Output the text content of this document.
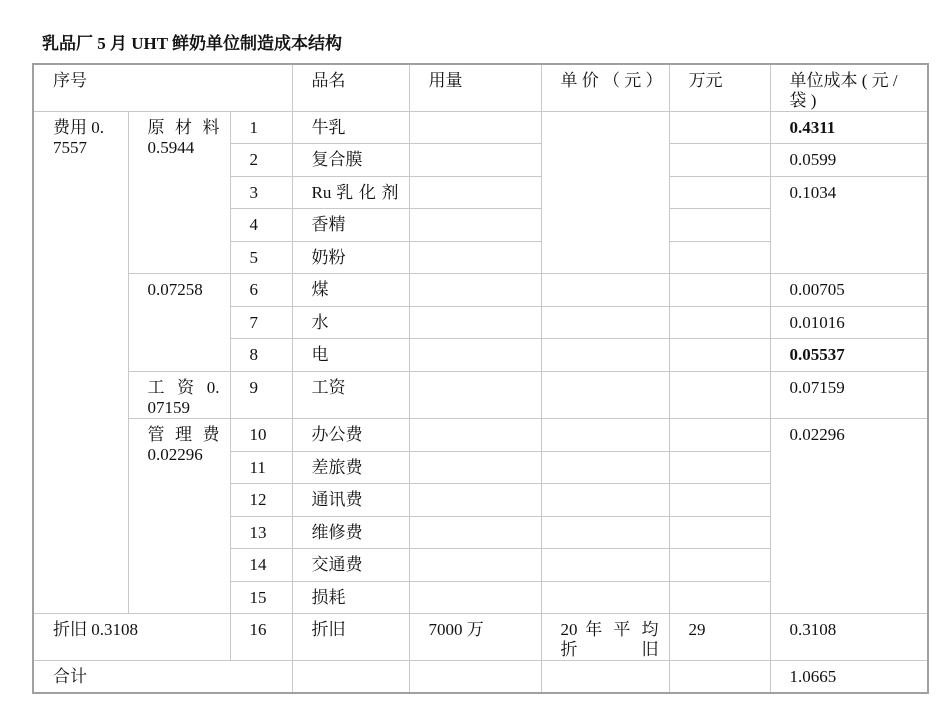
乳品厂 5 月 UHT 鲜奶单位制造成本结构
序号			品名	用量	单 价 （ 元 ）	万元	单位成本 ( 元 / 袋 )
费用 0. 7557	原材料 0.5944	1	牛乳				0.4311
		2	复合膜				0.0599
		3	Ru 乳 化 剂				0.1034
		4	香精				
		5	奶粉				
	0.07258	6	煤				0.00705
		7	水				0.01016
		8	电				0.05537
	工 资 0. 07159	9	工资				0.07159
	管理费 0.02296	10	办公费				0.02296
		11	差旅费				
		12	通讯费				
		13	维修费				
		14	交通费				
		15	损耗				
折旧 0.3108		16	折旧	7000 万	20 年 平 均 折旧	29	0.3108
合计							1.0665
